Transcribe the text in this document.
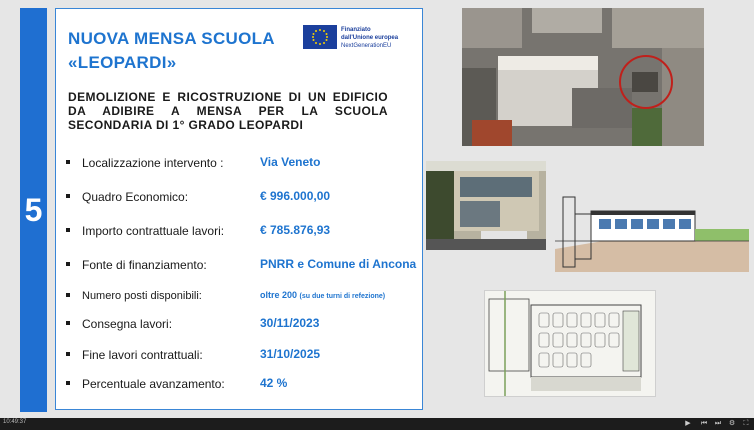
5
NUOVA MENSA SCUOLA
«LEOPARDI»
Finanziato
dall'Unione europea
NextGenerationEU
DEMOLIZIONE E RICOSTRUZIONE DI UN EDIFICIO DA ADIBIRE A MENSA PER LA SCUOLA SECONDARIA DI 1° GRADO LEOPARDI
Localizzazione intervento :	Via Veneto
Quadro Economico:	€ 996.000,00
Importo contrattuale lavori:	€ 785.876,93
Fonte di finanziamento:	PNRR e Comune di Ancona
Numero posti disponibili:	oltre 200 (su due turni di refezione)
Consegna lavori:	30/11/2023
Fine lavori contrattuali:	31/10/2025
Percentuale avanzamento:	42 %
10:49:37	▶ ⏮ ⏭ ⚙ ⛶
